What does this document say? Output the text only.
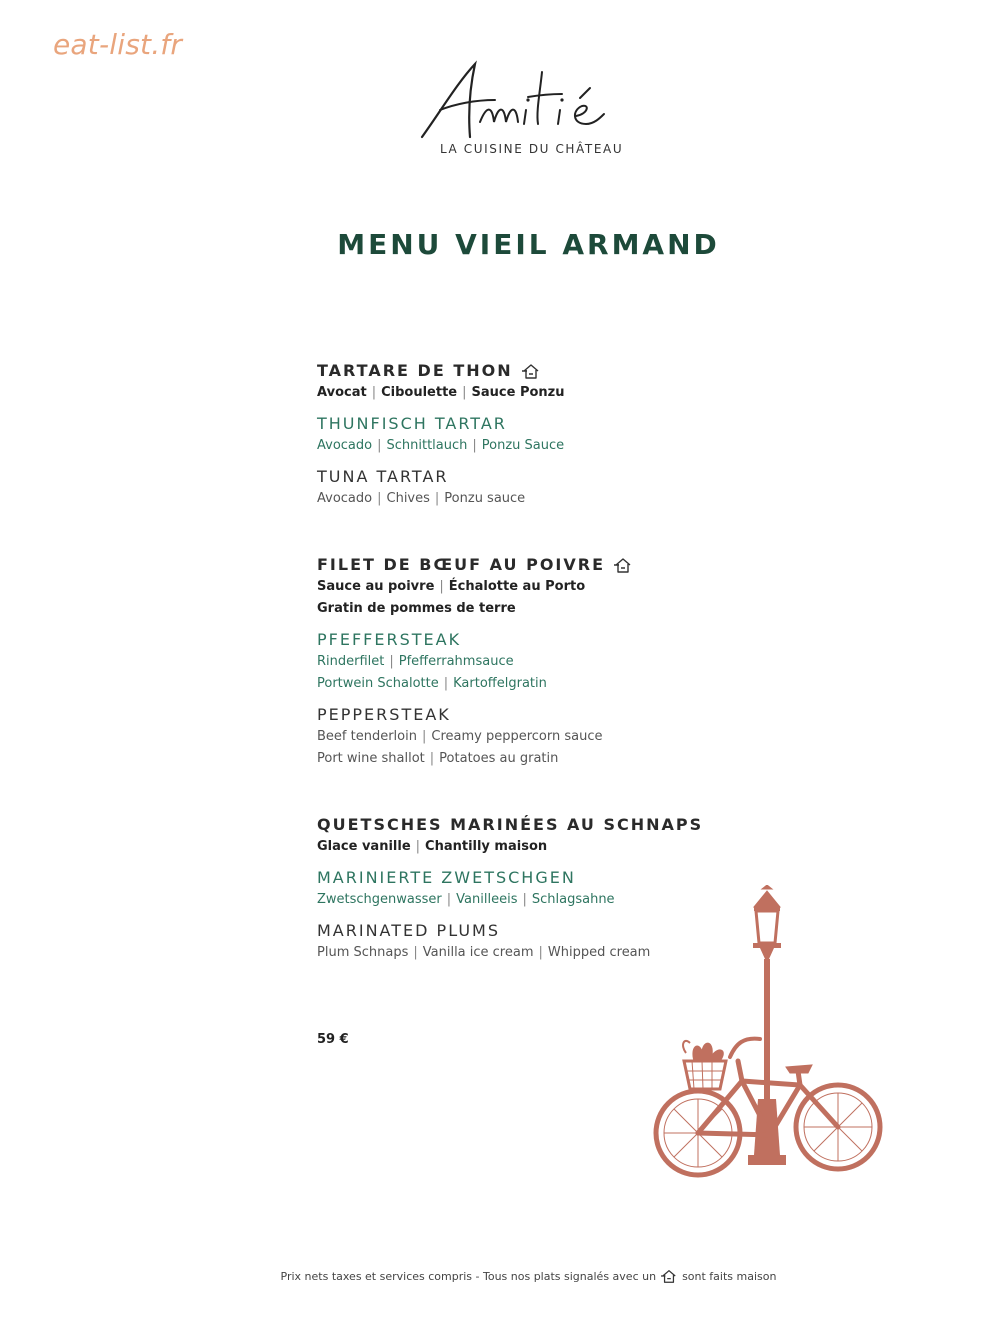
eat-list.fr
LA CUISINE DU CHÂTEAU
MENU VIEIL ARMAND
TARTARE DE THON
Avocat | Ciboulette | Sauce Ponzu
THUNFISCH TARTAR
Avocado | Schnittlauch | Ponzu Sauce
TUNA TARTAR
Avocado | Chives | Ponzu sauce
FILET DE BŒUF AU POIVRE
Sauce au poivre | Échalotte au Porto
Gratin de pommes de terre
PFEFFERSTEAK
Rinderfilet | Pfefferrahmsauce
Portwein Schalotte | Kartoffelgratin
PEPPERSTEAK
Beef tenderloin | Creamy peppercorn sauce
Port wine shallot | Potatoes au gratin
QUETSCHES MARINÉES AU SCHNAPS
Glace vanille | Chantilly maison
MARINIERTE ZWETSCHGEN
Zwetschgenwasser | Vanilleeis | Schlagsahne
MARINATED PLUMS
Plum Schnaps | Vanilla ice cream | Whipped cream
59 €
Prix nets taxes et services compris - Tous nos plats signalés avec un sont faits maison
